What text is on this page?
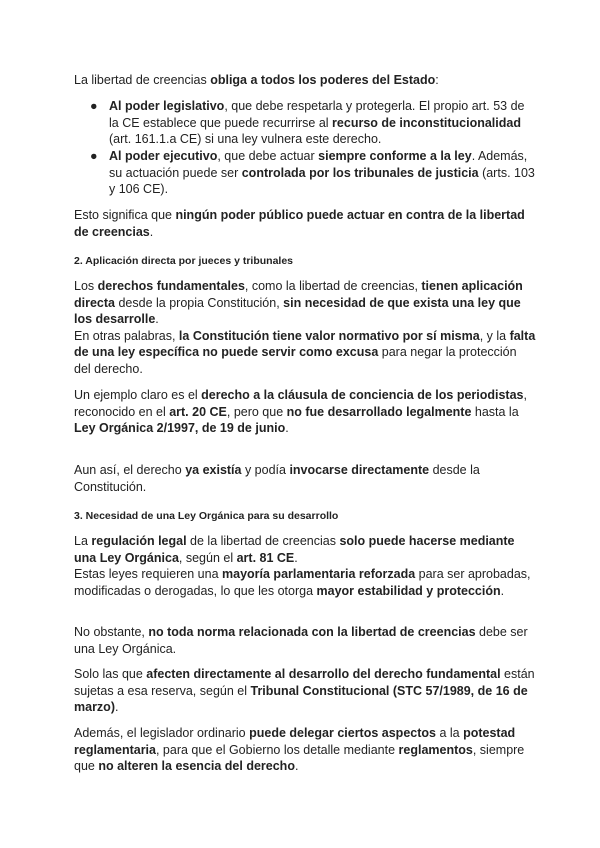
La libertad de creencias obliga a todos los poderes del Estado:

● Al poder legislativo, que debe respetarla y protegerla. El propio art. 53 de la CE establece que puede recurrirse al recurso de inconstitucionalidad (art. 161.1.a CE) si una ley vulnera este derecho.
● Al poder ejecutivo, que debe actuar siempre conforme a la ley. Además, su actuación puede ser controlada por los tribunales de justicia (arts. 103 y 106 CE).

Esto significa que ningún poder público puede actuar en contra de la libertad de creencias.

2. Aplicación directa por jueces y tribunales

Los derechos fundamentales, como la libertad de creencias, tienen aplicación directa desde la propia Constitución, sin necesidad de que exista una ley que los desarrolle.
En otras palabras, la Constitución tiene valor normativo por sí misma, y la falta de una ley específica no puede servir como excusa para negar la protección del derecho.

Un ejemplo claro es el derecho a la cláusula de conciencia de los periodistas, reconocido en el art. 20 CE, pero que no fue desarrollado legalmente hasta la Ley Orgánica 2/1997, de 19 de junio.

Aun así, el derecho ya existía y podía invocarse directamente desde la Constitución.

3. Necesidad de una Ley Orgánica para su desarrollo

La regulación legal de la libertad de creencias solo puede hacerse mediante una Ley Orgánica, según el art. 81 CE.
Estas leyes requieren una mayoría parlamentaria reforzada para ser aprobadas, modificadas o derogadas, lo que les otorga mayor estabilidad y protección.

No obstante, no toda norma relacionada con la libertad de creencias debe ser una Ley Orgánica.

Solo las que afecten directamente al desarrollo del derecho fundamental están sujetas a esa reserva, según el Tribunal Constitucional (STC 57/1989, de 16 de marzo).

Además, el legislador ordinario puede delegar ciertos aspectos a la potestad reglamentaria, para que el Gobierno los detalle mediante reglamentos, siempre que no alteren la esencia del derecho.
